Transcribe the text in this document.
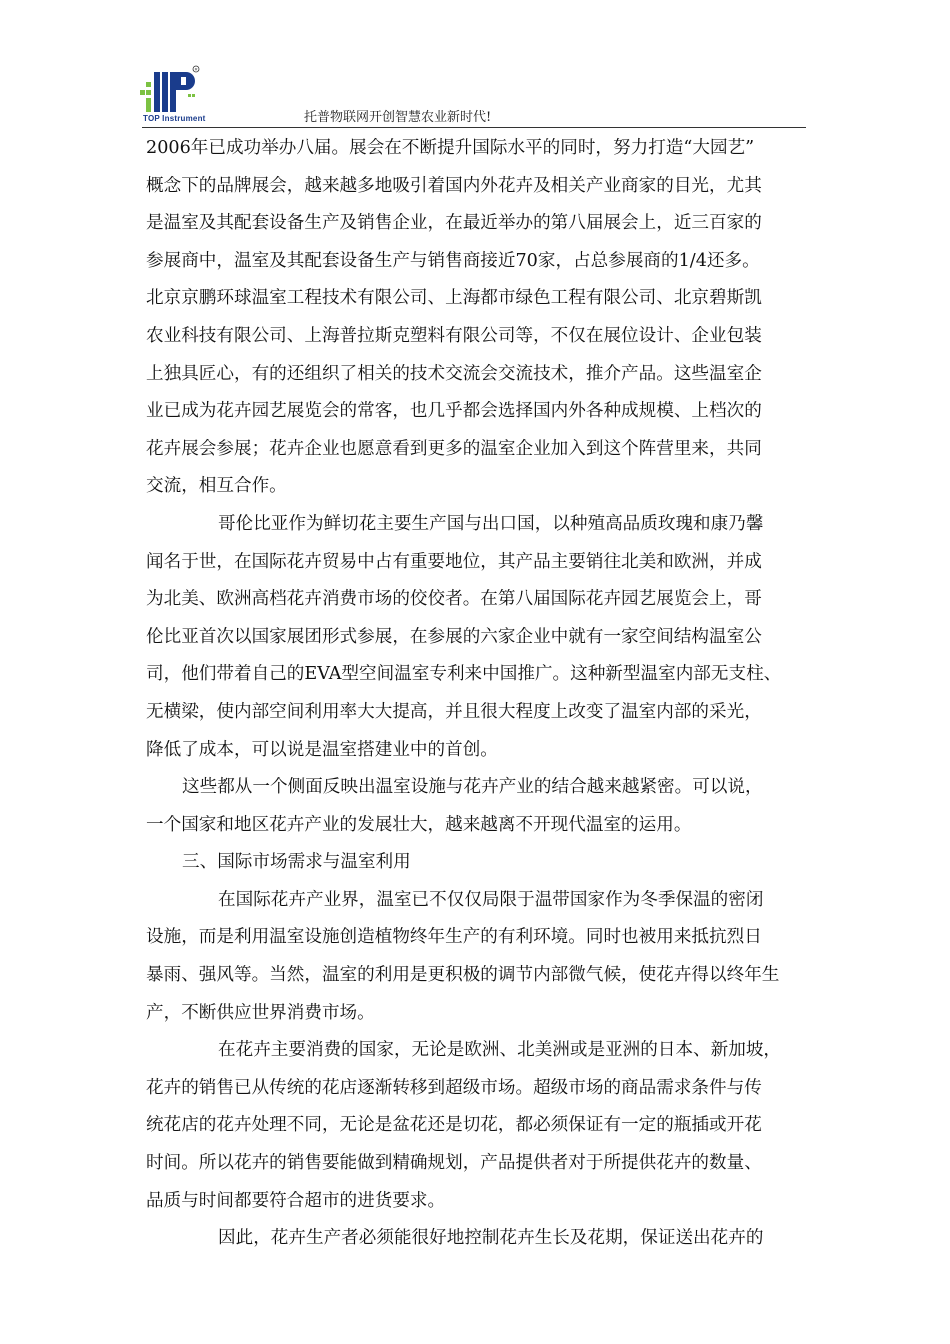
R
TOP Instrument	托普物联网开创智慧农业新时代!
2006年已成功举办八届。展会在不断提升国际水平的同时，努力打造“大园艺”
概念下的品牌展会，越来越多地吸引着国内外花卉及相关产业商家的目光，尤其
是温室及其配套设备生产及销售企业，在最近举办的第八届展会上，近三百家的
参展商中，温室及其配套设备生产与销售商接近70家，占总参展商的1/4还多。
北京京鹏环球温室工程技术有限公司、上海都市绿色工程有限公司、北京碧斯凯
农业科技有限公司、上海普拉斯克塑料有限公司等，不仅在展位设计、企业包装
上独具匠心，有的还组织了相关的技术交流会交流技术，推介产品。这些温室企
业已成为花卉园艺展览会的常客，也几乎都会选择国内外各种成规模、上档次的
花卉展会参展；花卉企业也愿意看到更多的温室企业加入到这个阵营里来，共同
交流，相互合作。
哥伦比亚作为鲜切花主要生产国与出口国，以种殖高品质玫瑰和康乃馨
闻名于世，在国际花卉贸易中占有重要地位，其产品主要销往北美和欧洲，并成
为北美、欧洲高档花卉消费市场的佼佼者。在第八届国际花卉园艺展览会上，哥
伦比亚首次以国家展团形式参展，在参展的六家企业中就有一家空间结构温室公
司，他们带着自己的EVA型空间温室专利来中国推广。这种新型温室内部无支柱、
无横梁，使内部空间利用率大大提高，并且很大程度上改变了温室内部的采光，
降低了成本，可以说是温室搭建业中的首创。
这些都从一个侧面反映出温室设施与花卉产业的结合越来越紧密。可以说，
一个国家和地区花卉产业的发展壮大，越来越离不开现代温室的运用。
三、国际市场需求与温室利用
在国际花卉产业界，温室已不仅仅局限于温带国家作为冬季保温的密闭
设施，而是利用温室设施创造植物终年生产的有利环境。同时也被用来抵抗烈日
暴雨、强风等。当然，温室的利用是更积极的调节内部微气候，使花卉得以终年生
产，不断供应世界消费市场。
在花卉主要消费的国家，无论是欧洲、北美洲或是亚洲的日本、新加坡，
花卉的销售已从传统的花店逐渐转移到超级市场。超级市场的商品需求条件与传
统花店的花卉处理不同，无论是盆花还是切花，都必须保证有一定的瓶插或开花
时间。所以花卉的销售要能做到精确规划，产品提供者对于所提供花卉的数量、
品质与时间都要符合超市的进货要求。
因此，花卉生产者必须能很好地控制花卉生长及花期，保证送出花卉的
